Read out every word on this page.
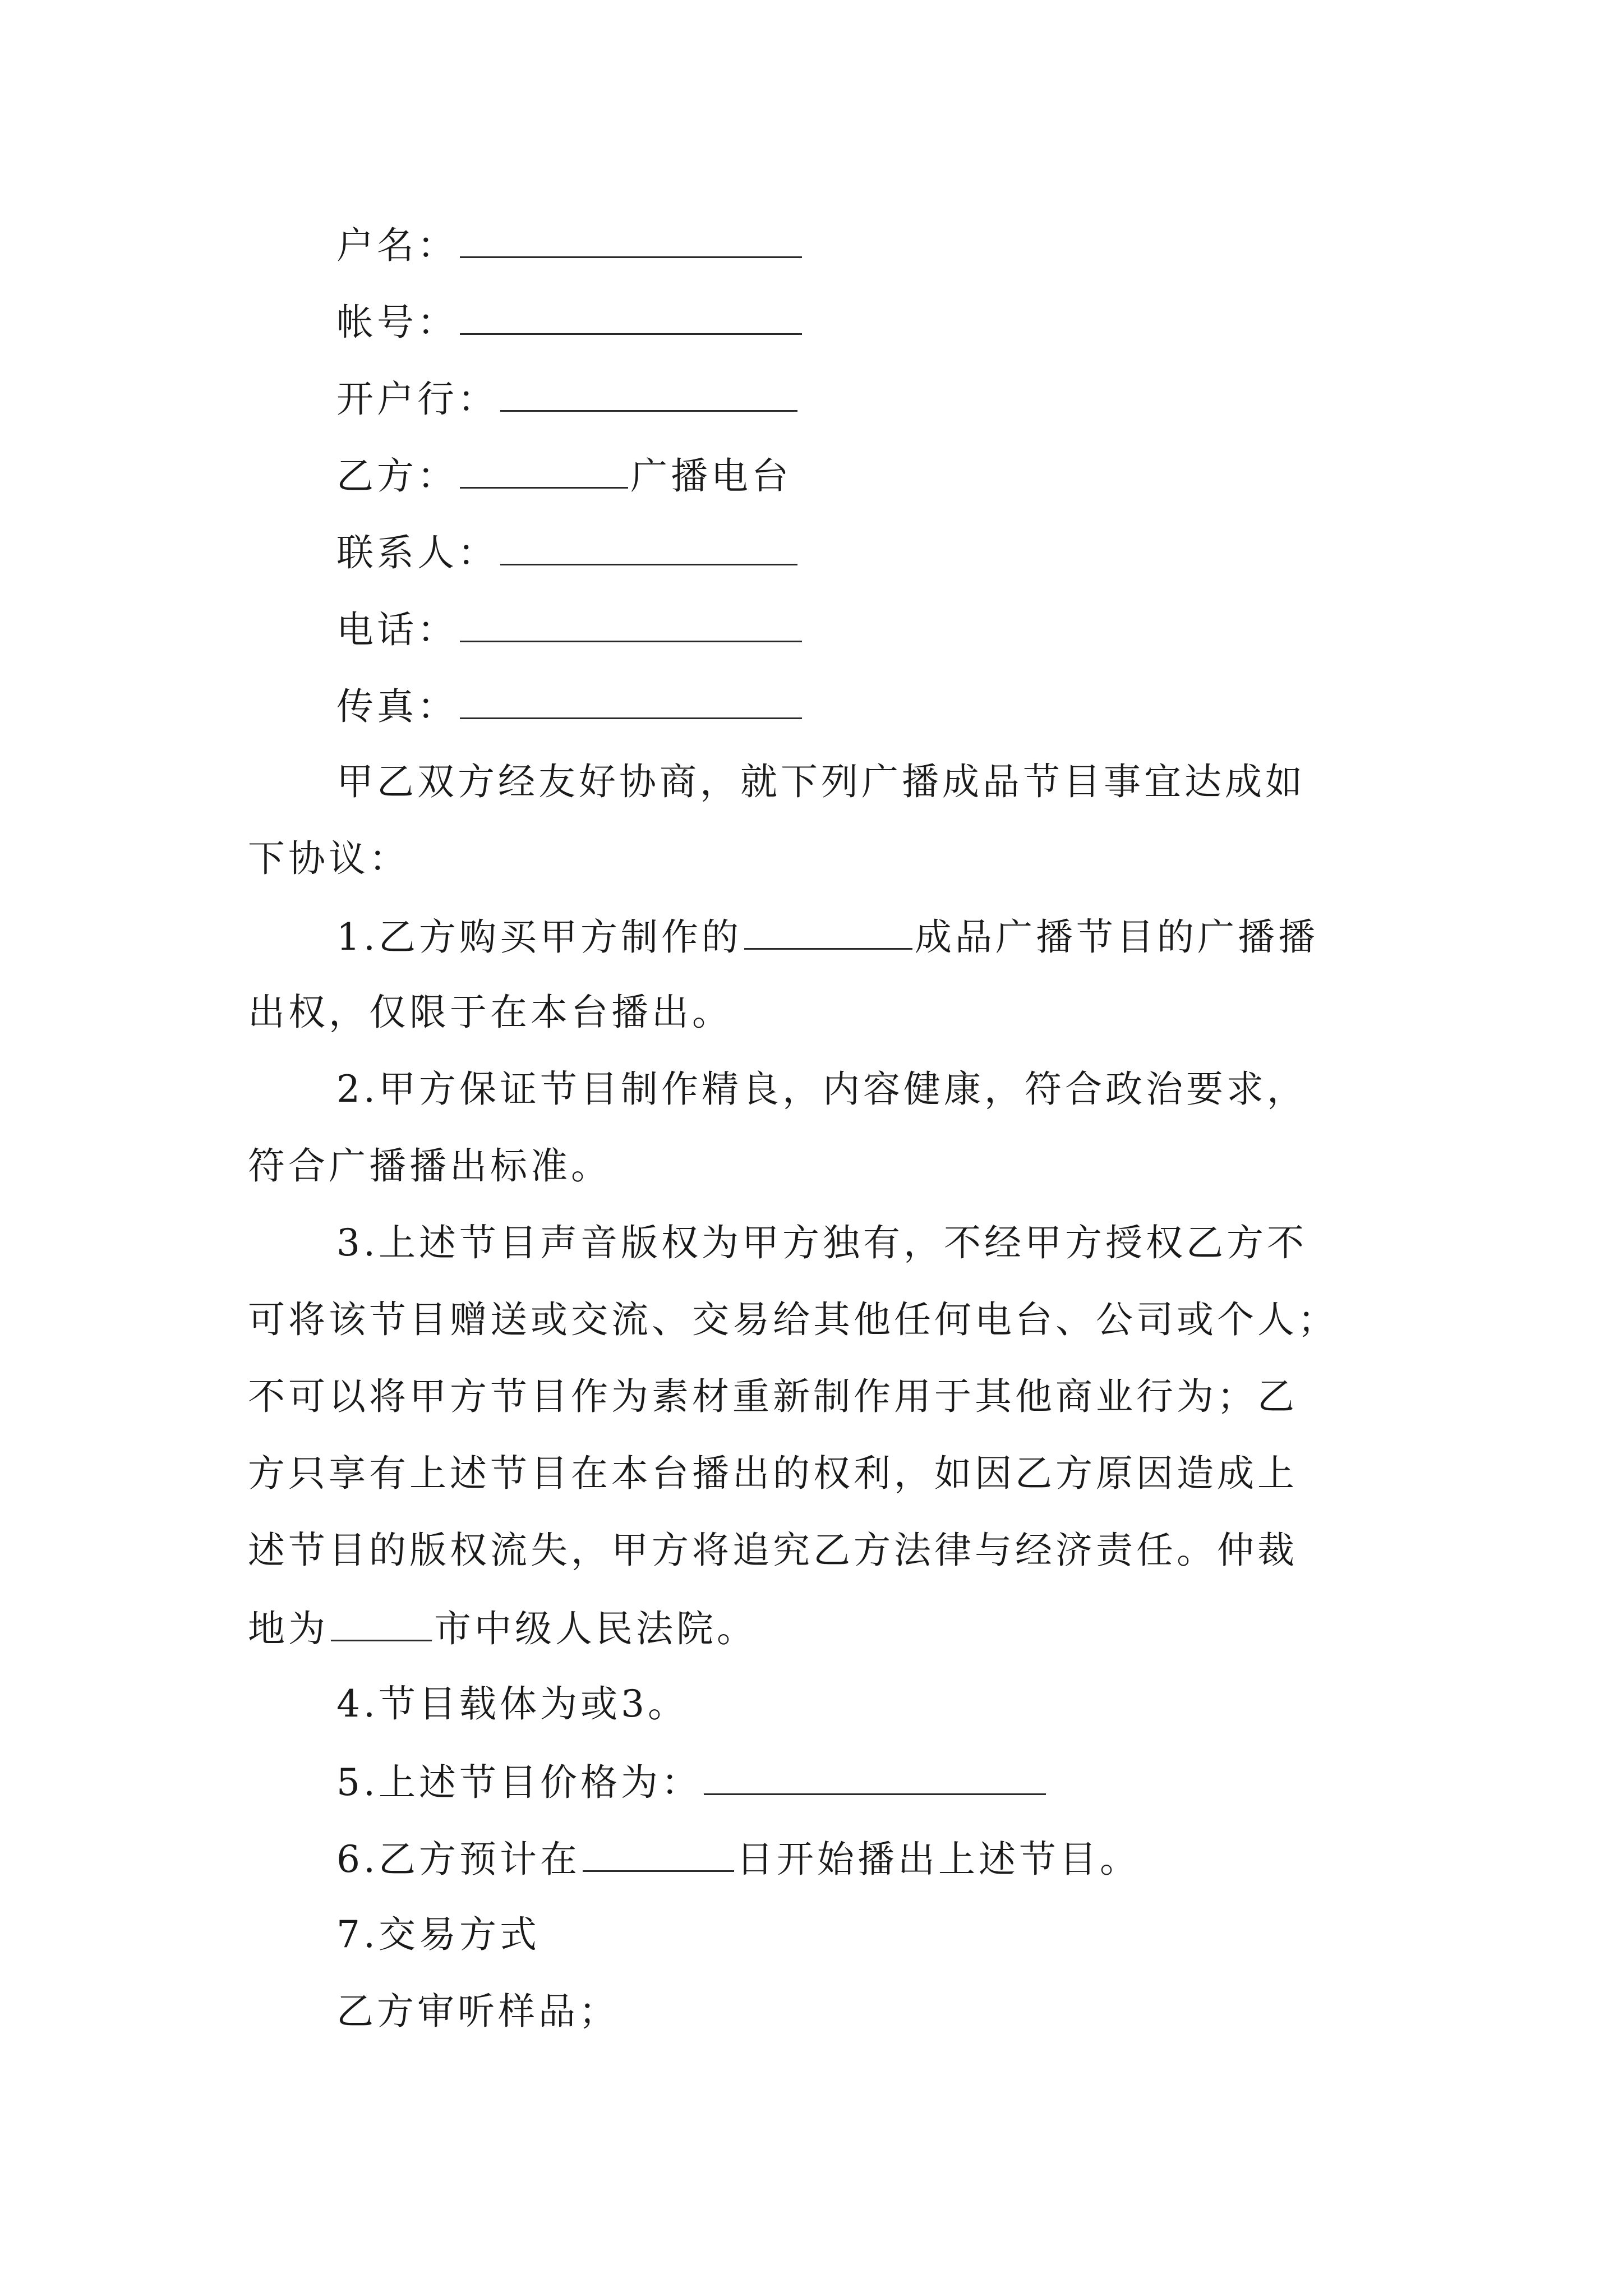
户名：
帐号：
开户行：
乙方：	广播电台
联系人：
电话：
传真：
甲乙双方经友好协商，就下列广播成品节目事宜达成如
下协议：
1.乙方购买甲方制作的	成品广播节目的广播播
出权，仅限于在本台播出。
2.甲方保证节目制作精良，内容健康，符合政治要求，
符合广播播出标准。
3.上述节目声音版权为甲方独有，不经甲方授权乙方不
可将该节目赠送或交流、交易给其他任何电台、公司或个人；
不可以将甲方节目作为素材重新制作用于其他商业行为；乙
方只享有上述节目在本台播出的权利，如因乙方原因造成上
述节目的版权流失，甲方将追究乙方法律与经济责任。仲裁
地为	市中级人民法院。
4.节目载体为或3。
5.上述节目价格为：
6.乙方预计在	日开始播出上述节目。
7.交易方式
乙方审听样品；
